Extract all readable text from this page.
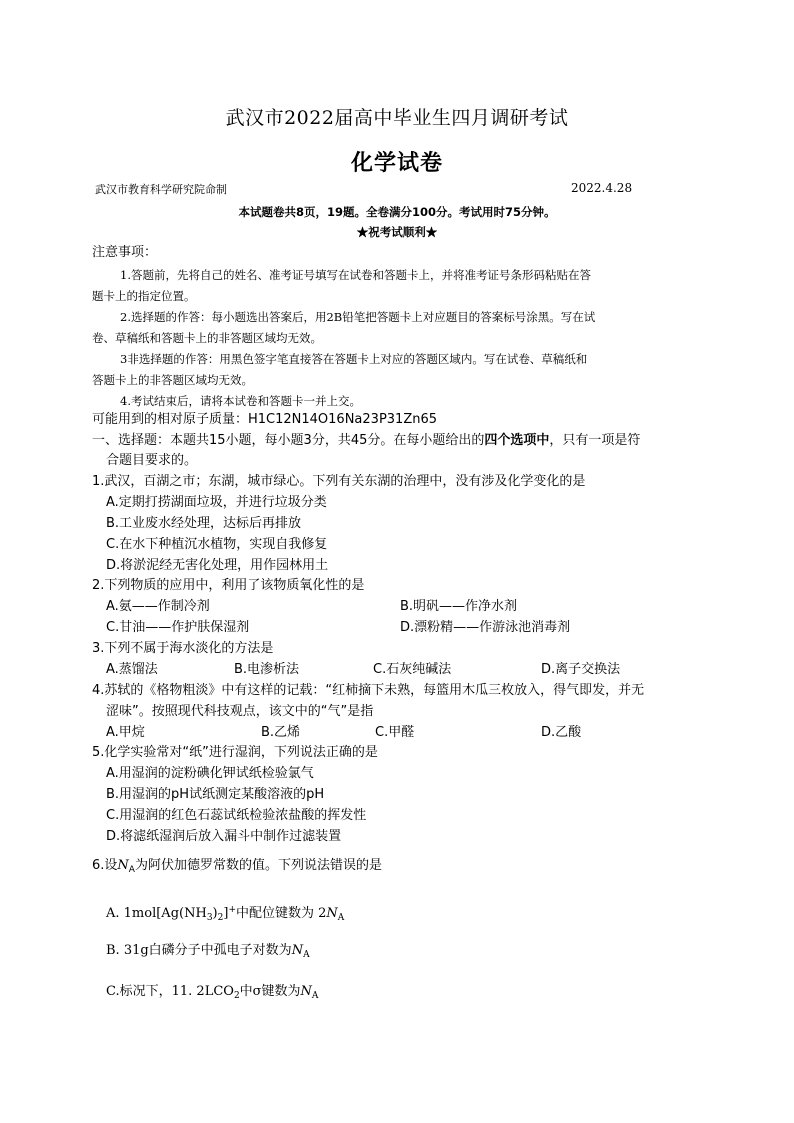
武汉市2022届高中毕业生四月调研考试
化学试卷
武汉市教育科学研究院命制	2022.4.28
本试题卷共8页，19题。全卷满分100分。考试用时75分钟。
★祝考试顺利★
注意事项：
1.答题前，先将自己的姓名、准考证号填写在试卷和答题卡上，并将准考证号条形码粘贴在答
题卡上的指定位置。
2.选择题的作答：每小题选出答案后，用2B铅笔把答题卡上对应题目的答案标号涂黑。写在试
卷、草稿纸和答题卡上的非答题区域均无效。
3非选择题的作答：用黑色签字笔直接答在答题卡上对应的答题区域内。写在试卷、草稿纸和
答题卡上的非答题区域均无效。
4.考试结束后，请将本试卷和答题卡一并上交。
可能用到的相对原子质量：H1C12N14O16Na23P31Zn65
一、选择题：本题共15小题，每小题3分，共45分。在每小题给出的四个选项中，只有一项是符
合题目要求的。
1.武汉，百湖之市；东湖，城市绿心。下列有关东湖的治理中，没有涉及化学变化的是
A.定期打捞湖面垃圾，并进行垃圾分类
B.工业废水经处理，达标后再排放
C.在水下种植沉水植物，实现自我修复
D.将淤泥经无害化处理，用作园林用土
2.下列物质的应用中，利用了该物质氧化性的是
A.氨——作制冷剂	B.明矾——作净水剂
C.甘油——作护肤保湿剂	D.漂粉精——作游泳池消毒剂
3.下列不属于海水淡化的方法是
A.蒸馏法	B.电渗析法	C.石灰纯碱法	D.离子交换法
4.苏轼的《格物粗淡》中有这样的记载：“红柿摘下未熟，每篮用木瓜三枚放入，得气即发，并无
涩味”。按照现代科技观点，该文中的“气”是指
A.甲烷	B.乙烯	C.甲醛	D.乙酸
5.化学实验常对“纸”进行湿润，下列说法正确的是
A.用湿润的淀粉碘化钾试纸检验氯气
B.用湿润的pH试纸测定某酸溶液的pH
C.用湿润的红色石蕊试纸检验浓盐酸的挥发性
D.将滤纸湿润后放入漏斗中制作过滤装置
6.设$N_A$为阿伏加德罗常数的值。下列说法错误的是
A. $1mol[Ag(NH_3)_2]^+$中配位键数为 $2N_A$
B. 31g白磷分子中孤电子对数为$N_A$
C.标况下，11. $2LCO_2$中σ键数为$N_A$
